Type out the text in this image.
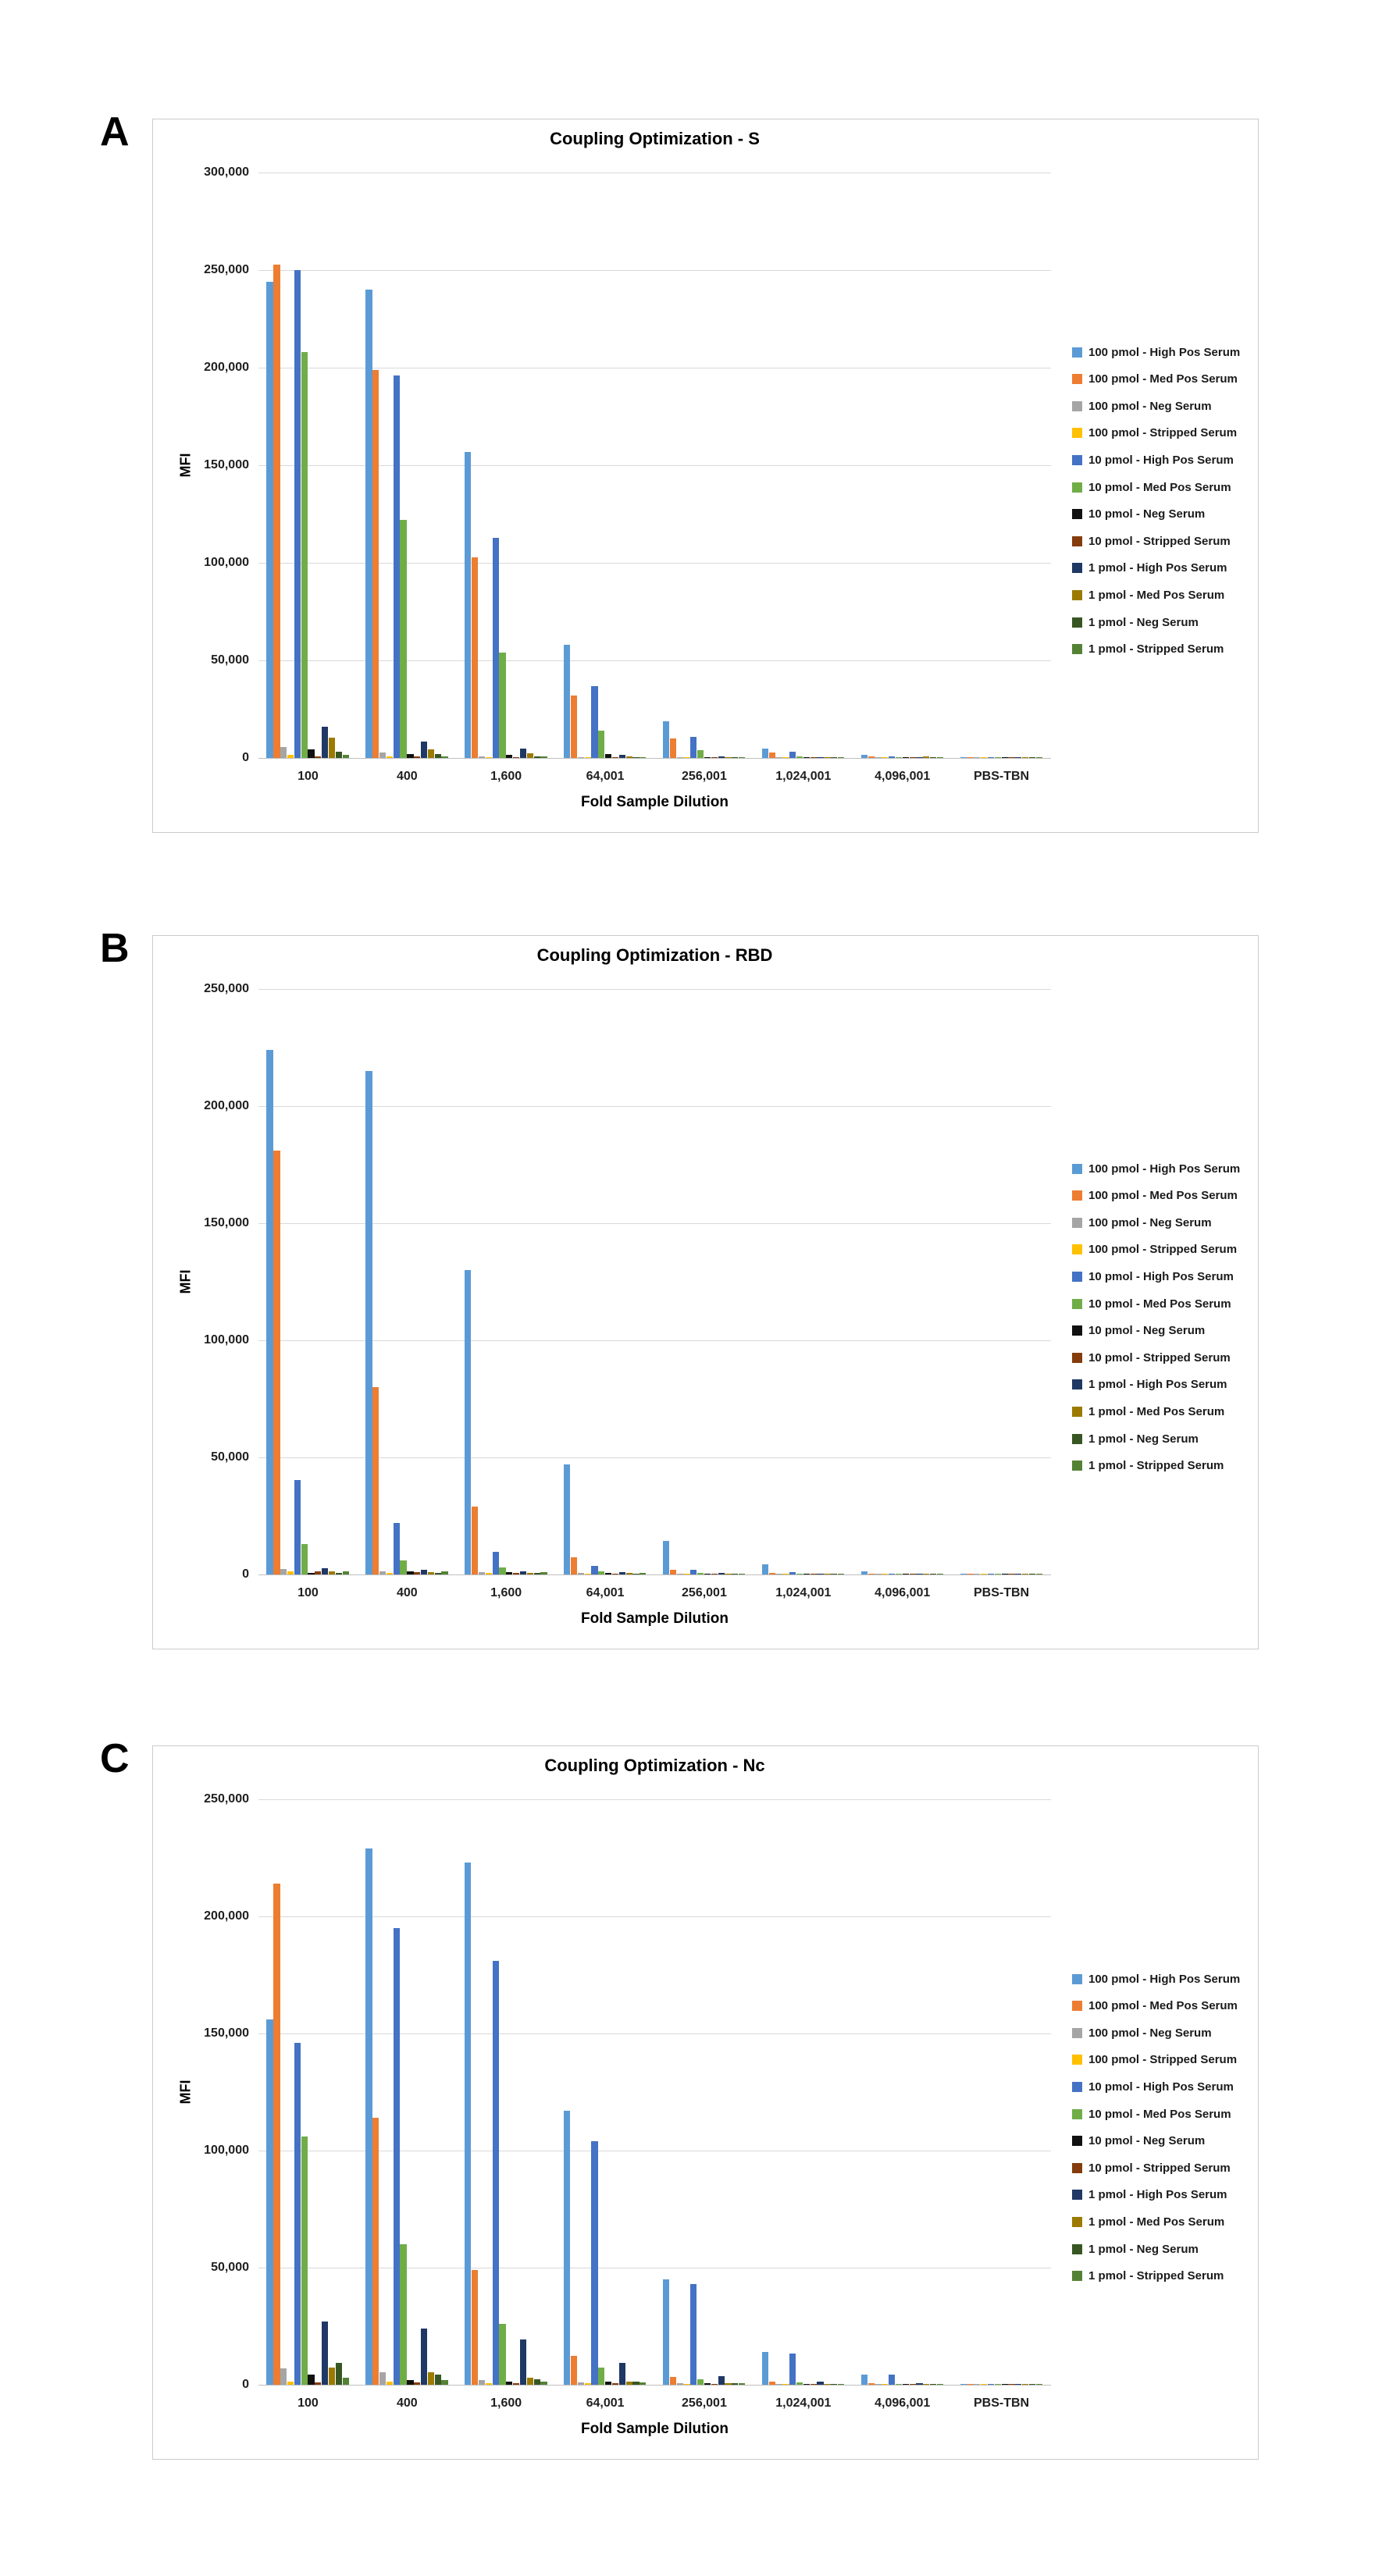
A	Coupling Optimization - S
MFI
300,000
250,000
200,000
150,000
100,000
50,000
0
100	400	1,600	64,001	256,001	1,024,001	4,096,001	PBS-TBN
Fold Sample Dilution
100 pmol - High Pos Serum
100 pmol - Med Pos Serum
100 pmol - Neg Serum
100 pmol - Stripped Serum
10 pmol - High Pos Serum
10 pmol - Med Pos Serum
10 pmol - Neg Serum
10 pmol - Stripped Serum
1 pmol - High Pos Serum
1 pmol - Med Pos Serum
1 pmol - Neg Serum
1 pmol - Stripped Serum
B	Coupling Optimization - RBD
MFI
250,000
200,000
150,000
100,000
50,000
0
100	400	1,600	64,001	256,001	1,024,001	4,096,001	PBS-TBN
Fold Sample Dilution
100 pmol - High Pos Serum
100 pmol - Med Pos Serum
100 pmol - Neg Serum
100 pmol - Stripped Serum
10 pmol - High Pos Serum
10 pmol - Med Pos Serum
10 pmol - Neg Serum
10 pmol - Stripped Serum
1 pmol - High Pos Serum
1 pmol - Med Pos Serum
1 pmol - Neg Serum
1 pmol - Stripped Serum
C	Coupling Optimization - Nc
MFI
250,000
200,000
150,000
100,000
50,000
0
100	400	1,600	64,001	256,001	1,024,001	4,096,001	PBS-TBN
Fold Sample Dilution
100 pmol - High Pos Serum
100 pmol - Med Pos Serum
100 pmol - Neg Serum
100 pmol - Stripped Serum
10 pmol - High Pos Serum
10 pmol - Med Pos Serum
10 pmol - Neg Serum
10 pmol - Stripped Serum
1 pmol - High Pos Serum
1 pmol - Med Pos Serum
1 pmol - Neg Serum
1 pmol - Stripped Serum
